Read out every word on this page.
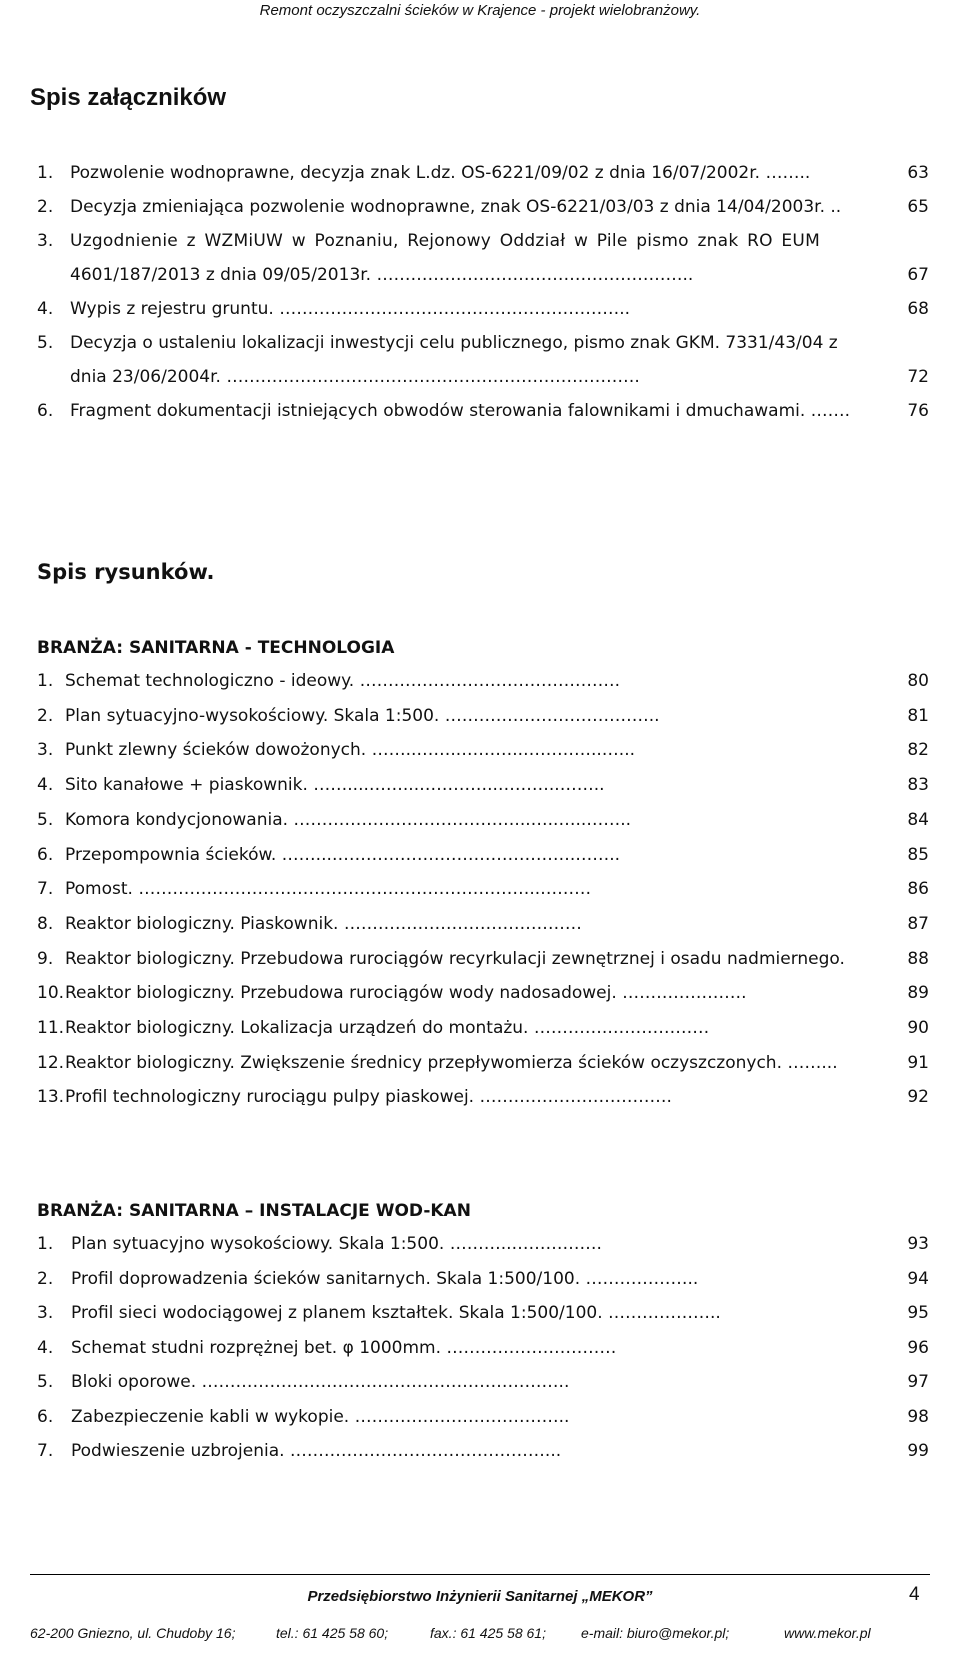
Remont oczyszczalni ścieków w Krajence - projekt wielobranżowy.
Spis załączników
1. Pozwolenie wodnoprawne, decyzja znak L.dz. OS-6221/09/02 z dnia 16/07/2002r. ……..	63
2. Decyzja zmieniająca pozwolenie wodnoprawne, znak OS-6221/03/03 z dnia 14/04/2003r. ..	65
3. Uzgodnienie z WZMiUW w Poznaniu, Rejonowy Oddział w Pile pismo znak RO EUM
4601/187/2013 z dnia 09/05/2013r. ………………………………………………..	67
4. Wypis z rejestru gruntu. ……………………………………………………..	68
5. Decyzja o ustaleniu lokalizacji inwestycji celu publicznego, pismo znak GKM. 7331/43/04 z
dnia 23/06/2004r. ……………………………………………………………….	72
6. Fragment dokumentacji istniejących obwodów sterowania falownikami i dmuchawami. …….	76
Spis rysunków.
BRANŻA: SANITARNA - TECHNOLOGIA
1. Schemat technologiczno - ideowy. ……………………………………….	80
2. Plan sytuacyjno-wysokościowy. Skala 1:500. ………………………………..	81
3. Punkt zlewny ścieków dowożonych. ……..……..………..…………..…...	82
4. Sito kanałowe + piaskownik. ……....……...…………..………..……..	83
5. Komora kondycjonowania. …………………………………...…..…..……..	84
6. Przepompownia ścieków. ……...…………………………………….……..	85
7. Pomost. ……………………………………………………………..………	86
8. Reaktor biologiczny. Piaskownik. ……………………………………	87
9. Reaktor biologiczny. Przebudowa rurociągów recyrkulacji zewnętrznej i osadu nadmiernego.	88
10. Reaktor biologiczny. Przebudowa rurociągów wody nadosadowej. ………………….	89
11. Reaktor biologiczny. Lokalizacja urządzeń do montażu. ………….………………	90
12. Reaktor biologiczny. Zwiększenie średnicy przepływomierza ścieków oczyszczonych. ……...	91
13. Profil technologiczny rurociągu pulpy piaskowej. …………………………….	92
BRANŻA: SANITARNA – INSTALACJE WOD-KAN
1. Plan sytuacyjno wysokościowy. Skala 1:500. ………..…………….	93
2. Profil doprowadzenia ścieków sanitarnych. Skala 1:500/100. ………………..	94
3. Profil sieci wodociągowej z planem kształtek. Skala 1:500/100. ………………..	95
4. Schemat studni rozprężnej bet. φ 1000mm. …………………………	96
5. Bloki oporowe. ………………………………………………………..	97
6. Zabezpieczenie kabli w wykopie. ………………………………..	98
7. Podwieszenie uzbrojenia. ………………………………………...	99
Przedsiębiorstwo Inżynierii Sanitarnej „MEKOR”	4
62-200 Gniezno, ul. Chudoby 16;	tel.: 61 425 58 60;	fax.: 61 425 58 61;	e-mail: biuro@mekor.pl;	www.mekor.pl
